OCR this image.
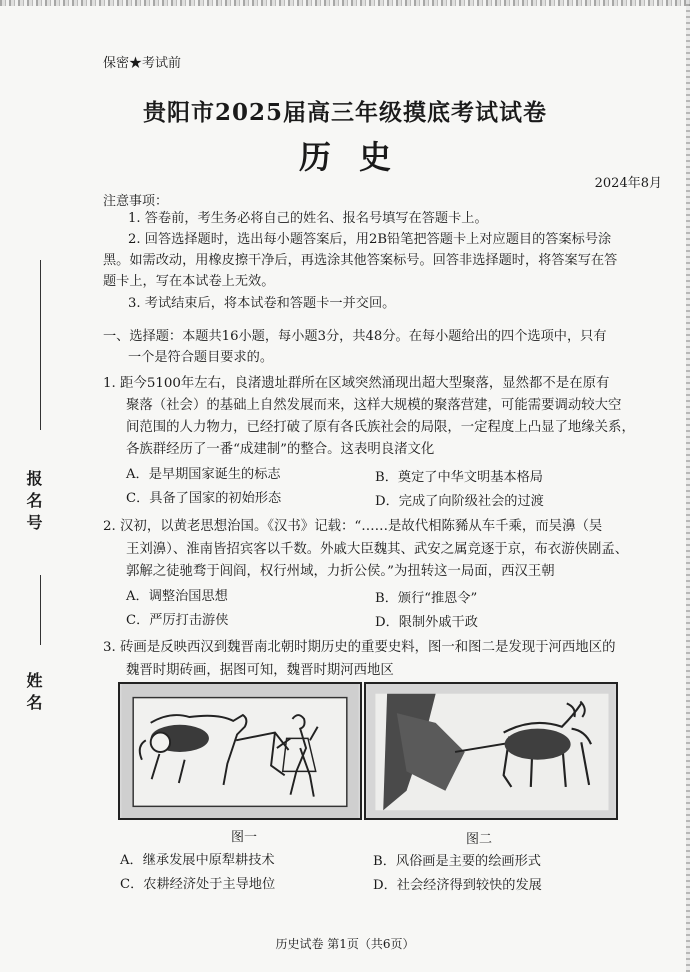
报名号
姓名
保密★考试前
贵阳市2025届高三年级摸底考试试卷
历史
2024年8月
注意事项：
1. 答卷前，考生务必将自己的姓名、报名号填写在答题卡上。
2. 回答选择题时，选出每小题答案后，用2B铅笔把答题卡上对应题目的答案标号涂
黑。如需改动，用橡皮擦干净后，再选涂其他答案标号。回答非选择题时，将答案写在答
题卡上，写在本试卷上无效。
3. 考试结束后，将本试卷和答题卡一并交回。
一、选择题：本题共16小题，每小题3分，共48分。在每小题给出的四个选项中，只有
一个是符合题目要求的。
1. 距今5100年左右，良渚遗址群所在区域突然涌现出超大型聚落，显然都不是在原有
聚落（社会）的基础上自然发展而来，这样大规模的聚落营建，可能需要调动较大空
间范围的人力物力，已经打破了原有各氏族社会的局限，一定程度上凸显了地缘关系，
各族群经历了一番“成建制”的整合。这表明良渚文化
A．是早期国家诞生的标志	B．奠定了中华文明基本格局
C．具备了国家的初始形态	D．完成了向阶级社会的过渡
2. 汉初，以黄老思想治国。《汉书》记载：“……是故代相陈豨从车千乘，而吴濞（吴
王刘濞）、淮南皆招宾客以千数。外戚大臣魏其、武安之属竞逐于京，布衣游侠剧孟、
郭解之徒驰骛于闾阎，权行州域，力折公侯。”为扭转这一局面，西汉王朝
A．调整治国思想	B．颁行“推恩令”
C．严厉打击游侠	D．限制外戚干政
3. 砖画是反映西汉到魏晋南北朝时期历史的重要史料，图一和图二是发现于河西地区的
魏晋时期砖画，据图可知，魏晋时期河西地区
图一	图二
A．继承发展中原犁耕技术	B．风俗画是主要的绘画形式
C．农耕经济处于主导地位	D．社会经济得到较快的发展
历史试卷 第1页（共6页）
